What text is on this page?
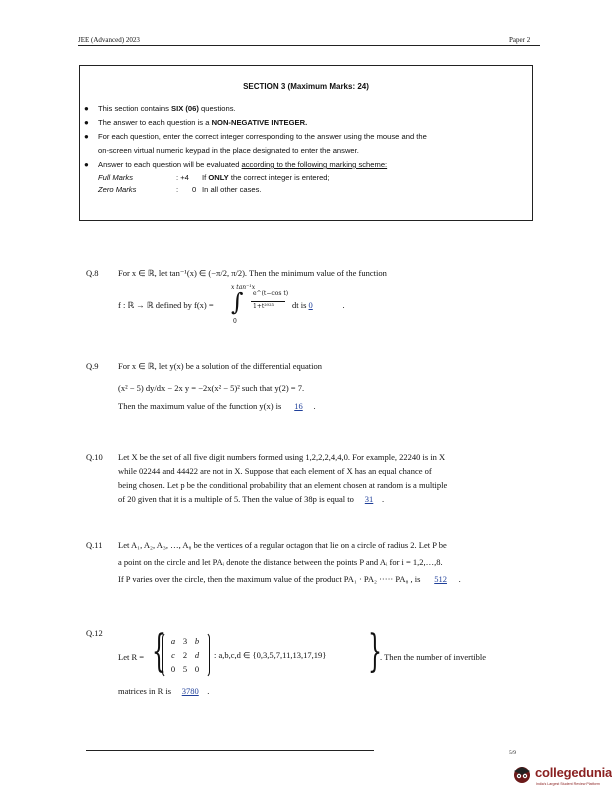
JEE (Advanced) 2023	Paper 2
SECTION 3 (Maximum Marks: 24)
● This section contains SIX (06) questions.
● The answer to each question is a NON-NEGATIVE INTEGER.
● For each question, enter the correct integer corresponding to the answer using the mouse and the
on-screen virtual numeric keypad in the place designated to enter the answer.
● Answer to each question will be evaluated according to the following marking scheme:
Full Marks	: +4 If ONLY the correct integer is entered;
Zero Marks	: 0 In all other cases.
Q.8 For x ∈ ℝ, let tan⁻¹(x) ∈ (−π/2, π/2). Then the minimum value of the function
f : ℝ → ℝ defined by f(x) =
x tan⁻¹x
∫
0
e^(t−cos t)
1+t²⁰²³ dt is 0	.
Q.9 For x ∈ ℝ, let y(x) be a solution of the differential equation
(x² − 5) dy/dx − 2x y = −2x(x² − 5)² such that y(2) = 7.
Then the maximum value of the function y(x) is 16 .
Q.10 Let X be the set of all five digit numbers formed using 1,2,2,2,4,4,0. For example, 22240 is in X
while 02244 and 44422 are not in X. Suppose that each element of X has an equal chance of
being chosen. Let p be the conditional probability that an element chosen at random is a multiple
of 20 given that it is a multiple of 5. Then the value of 38p is equal to 31 .
Q.11 Let A₁, A₂, A₃, …, A₈ be the vertices of a regular octagon that lie on a circle of radius 2. Let P be
a point on the circle and let PAᵢ denote the distance between the points P and Aᵢ for i = 1,2,…,8.
If P varies over the circle, then the maximum value of the product PA₁ · PA₂ ····· PA₈ , is 512 .
Q.12
Let R = { a	3	b
c	2	d
0	5	0
: a,b,c,d ∈ {0,3,5,7,11,13,17,19} }
. Then the number of invertible
matrices in R is 3780 .
5/9
collegedunia
India's Largest Student Review Platform
